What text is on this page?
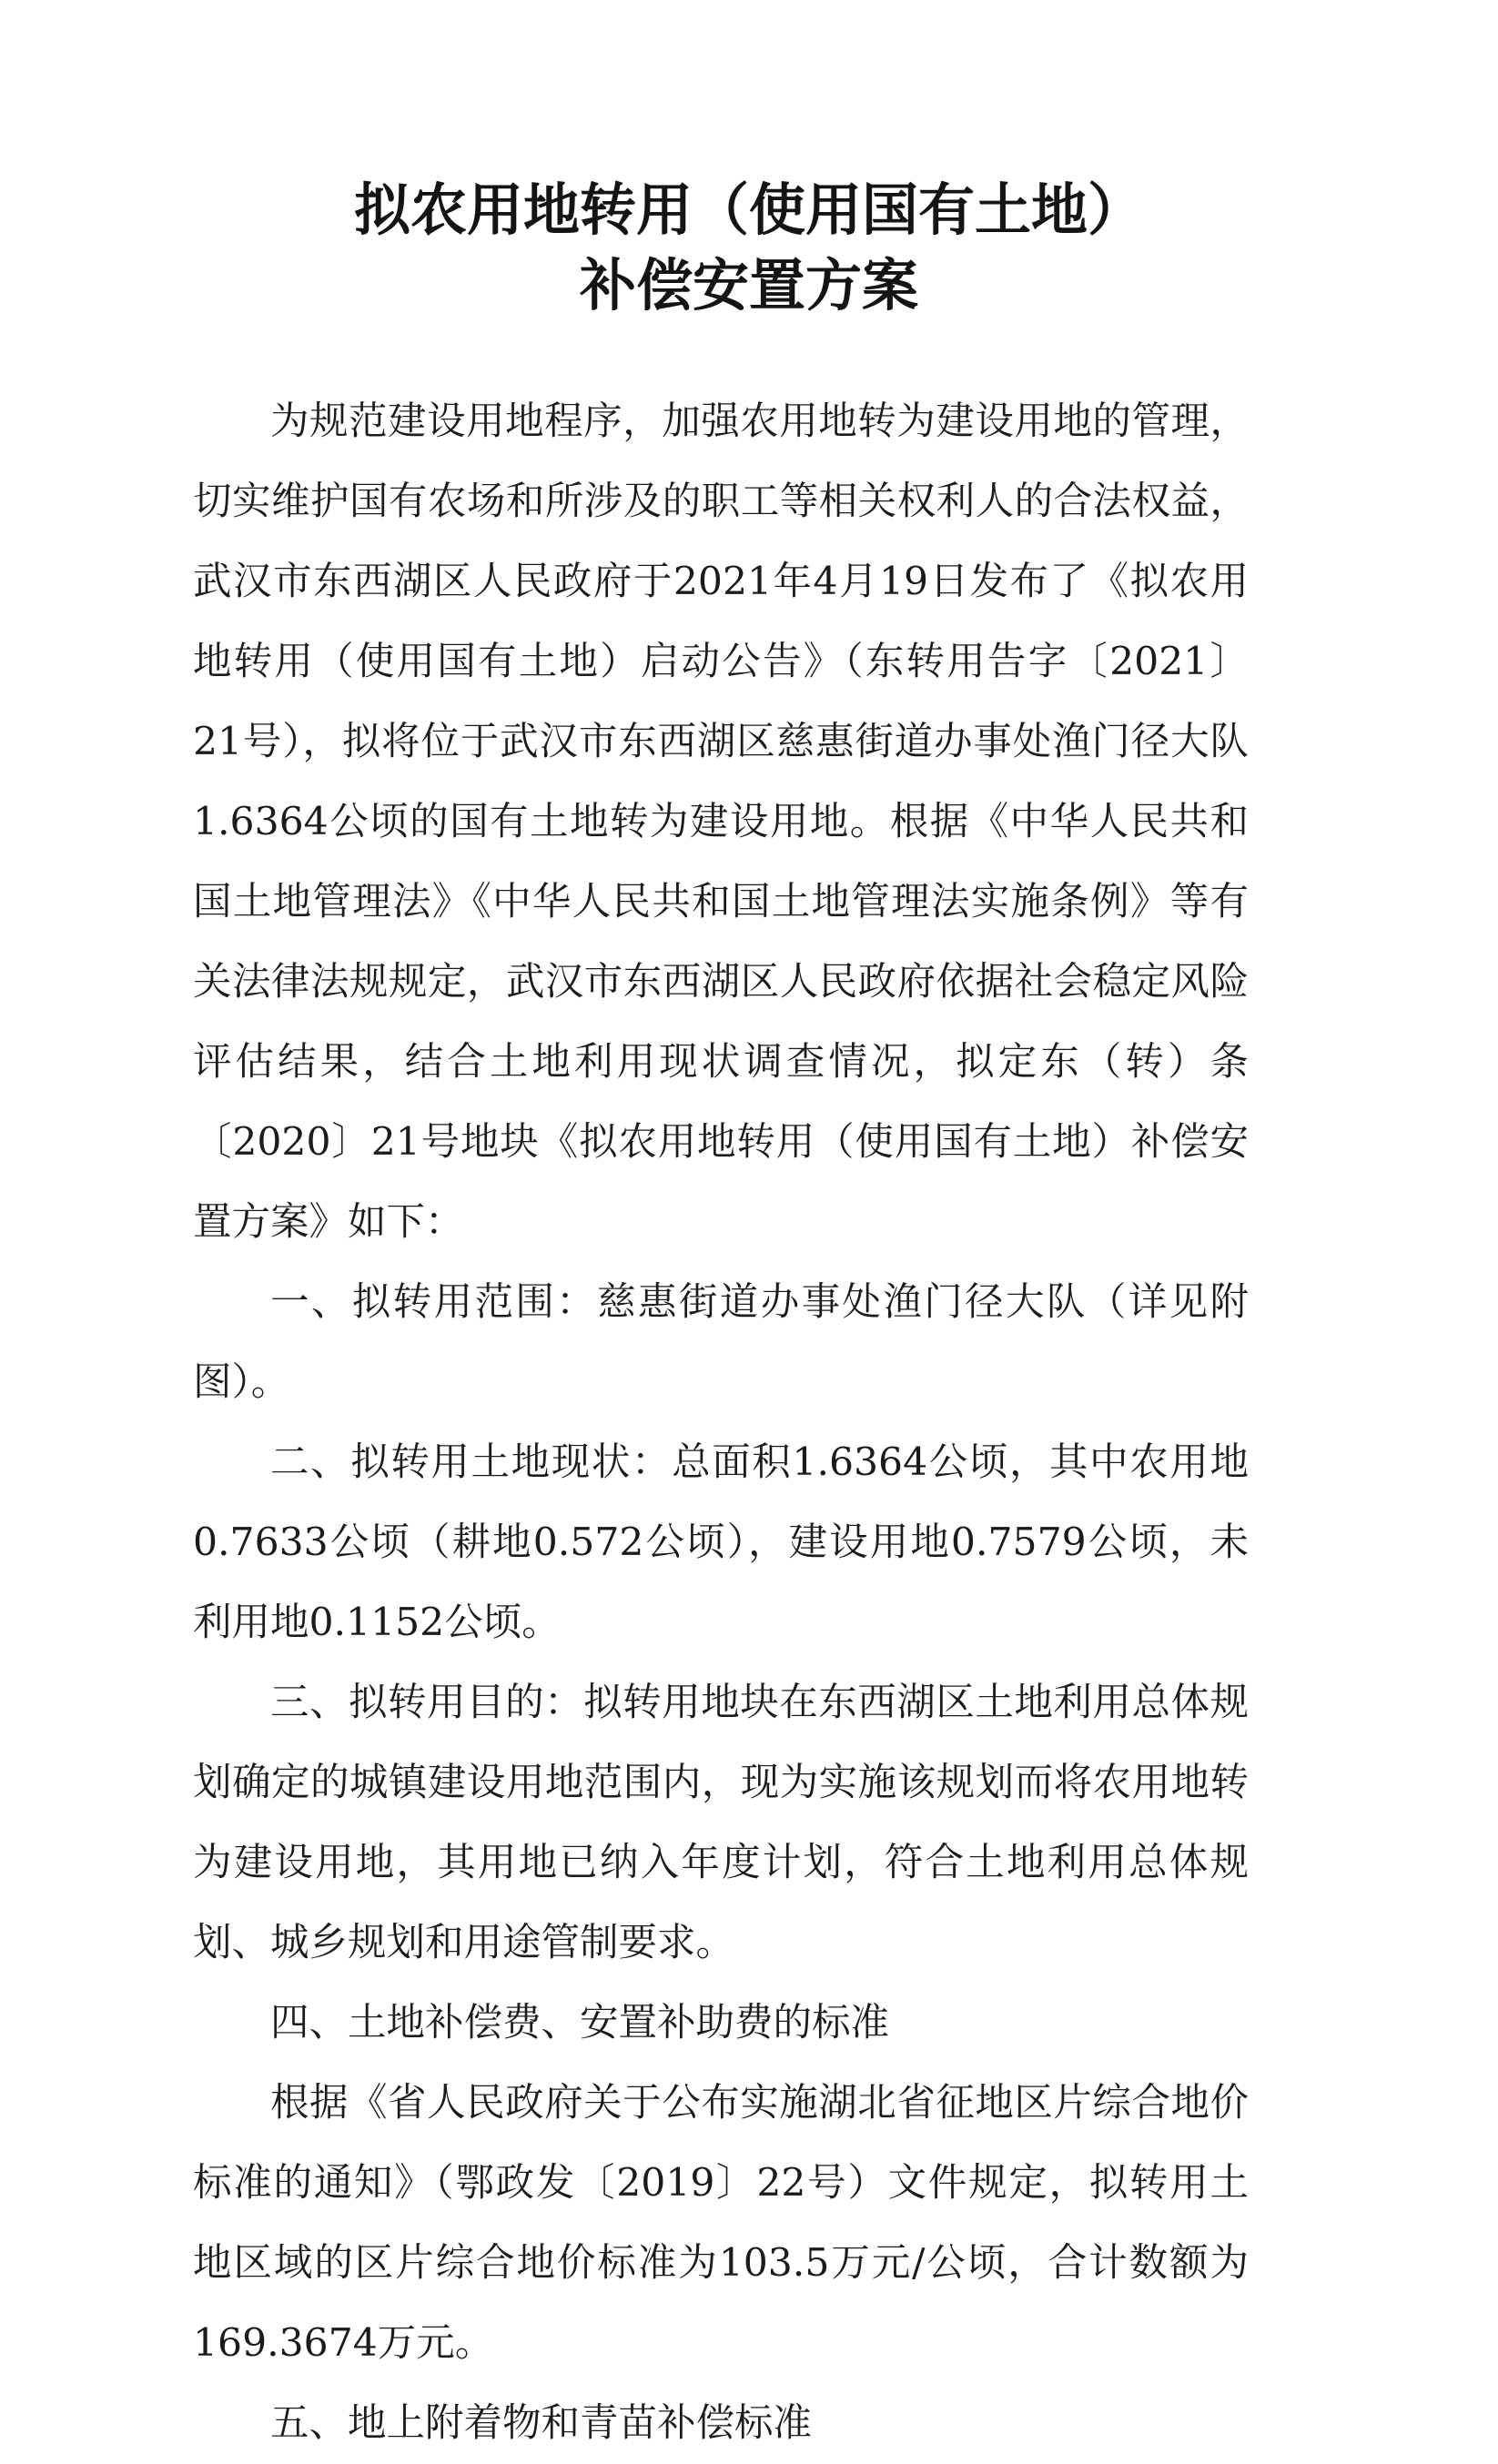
拟农用地转用（使用国有土地）
补偿安置方案

为规范建设用地程序，加强农用地转为建设用地的管理，切实维护国有农场和所涉及的职工等相关权利人的合法权益，武汉市东西湖区人民政府于2021年4月19日发布了《拟农用地转用（使用国有土地）启动公告》（东转用告字〔2021〕21号），拟将位于武汉市东西湖区慈惠街道办事处渔门径大队1.6364公顷的国有土地转为建设用地。根据《中华人民共和国土地管理法》《中华人民共和国土地管理法实施条例》等有关法律法规规定，武汉市东西湖区人民政府依据社会稳定风险评估结果，结合土地利用现状调查情况，拟定东（转）条〔2020〕21号地块《拟农用地转用（使用国有土地）补偿安置方案》如下：

一、拟转用范围：慈惠街道办事处渔门径大队（详见附图）。

二、拟转用土地现状：总面积1.6364公顷，其中农用地0.7633公顷（耕地0.572公顷），建设用地0.7579公顷，未利用地0.1152公顷。

三、拟转用目的：拟转用地块在东西湖区土地利用总体规划确定的城镇建设用地范围内，现为实施该规划而将农用地转为建设用地，其用地已纳入年度计划，符合土地利用总体规划、城乡规划和用途管制要求。

四、土地补偿费、安置补助费的标准

根据《省人民政府关于公布实施湖北省征地区片综合地价标准的通知》（鄂政发〔2019〕22号）文件规定，拟转用土地区域的区片综合地价标准为103.5万元/公顷，合计数额为169.3674万元。

五、地上附着物和青苗补偿标准
